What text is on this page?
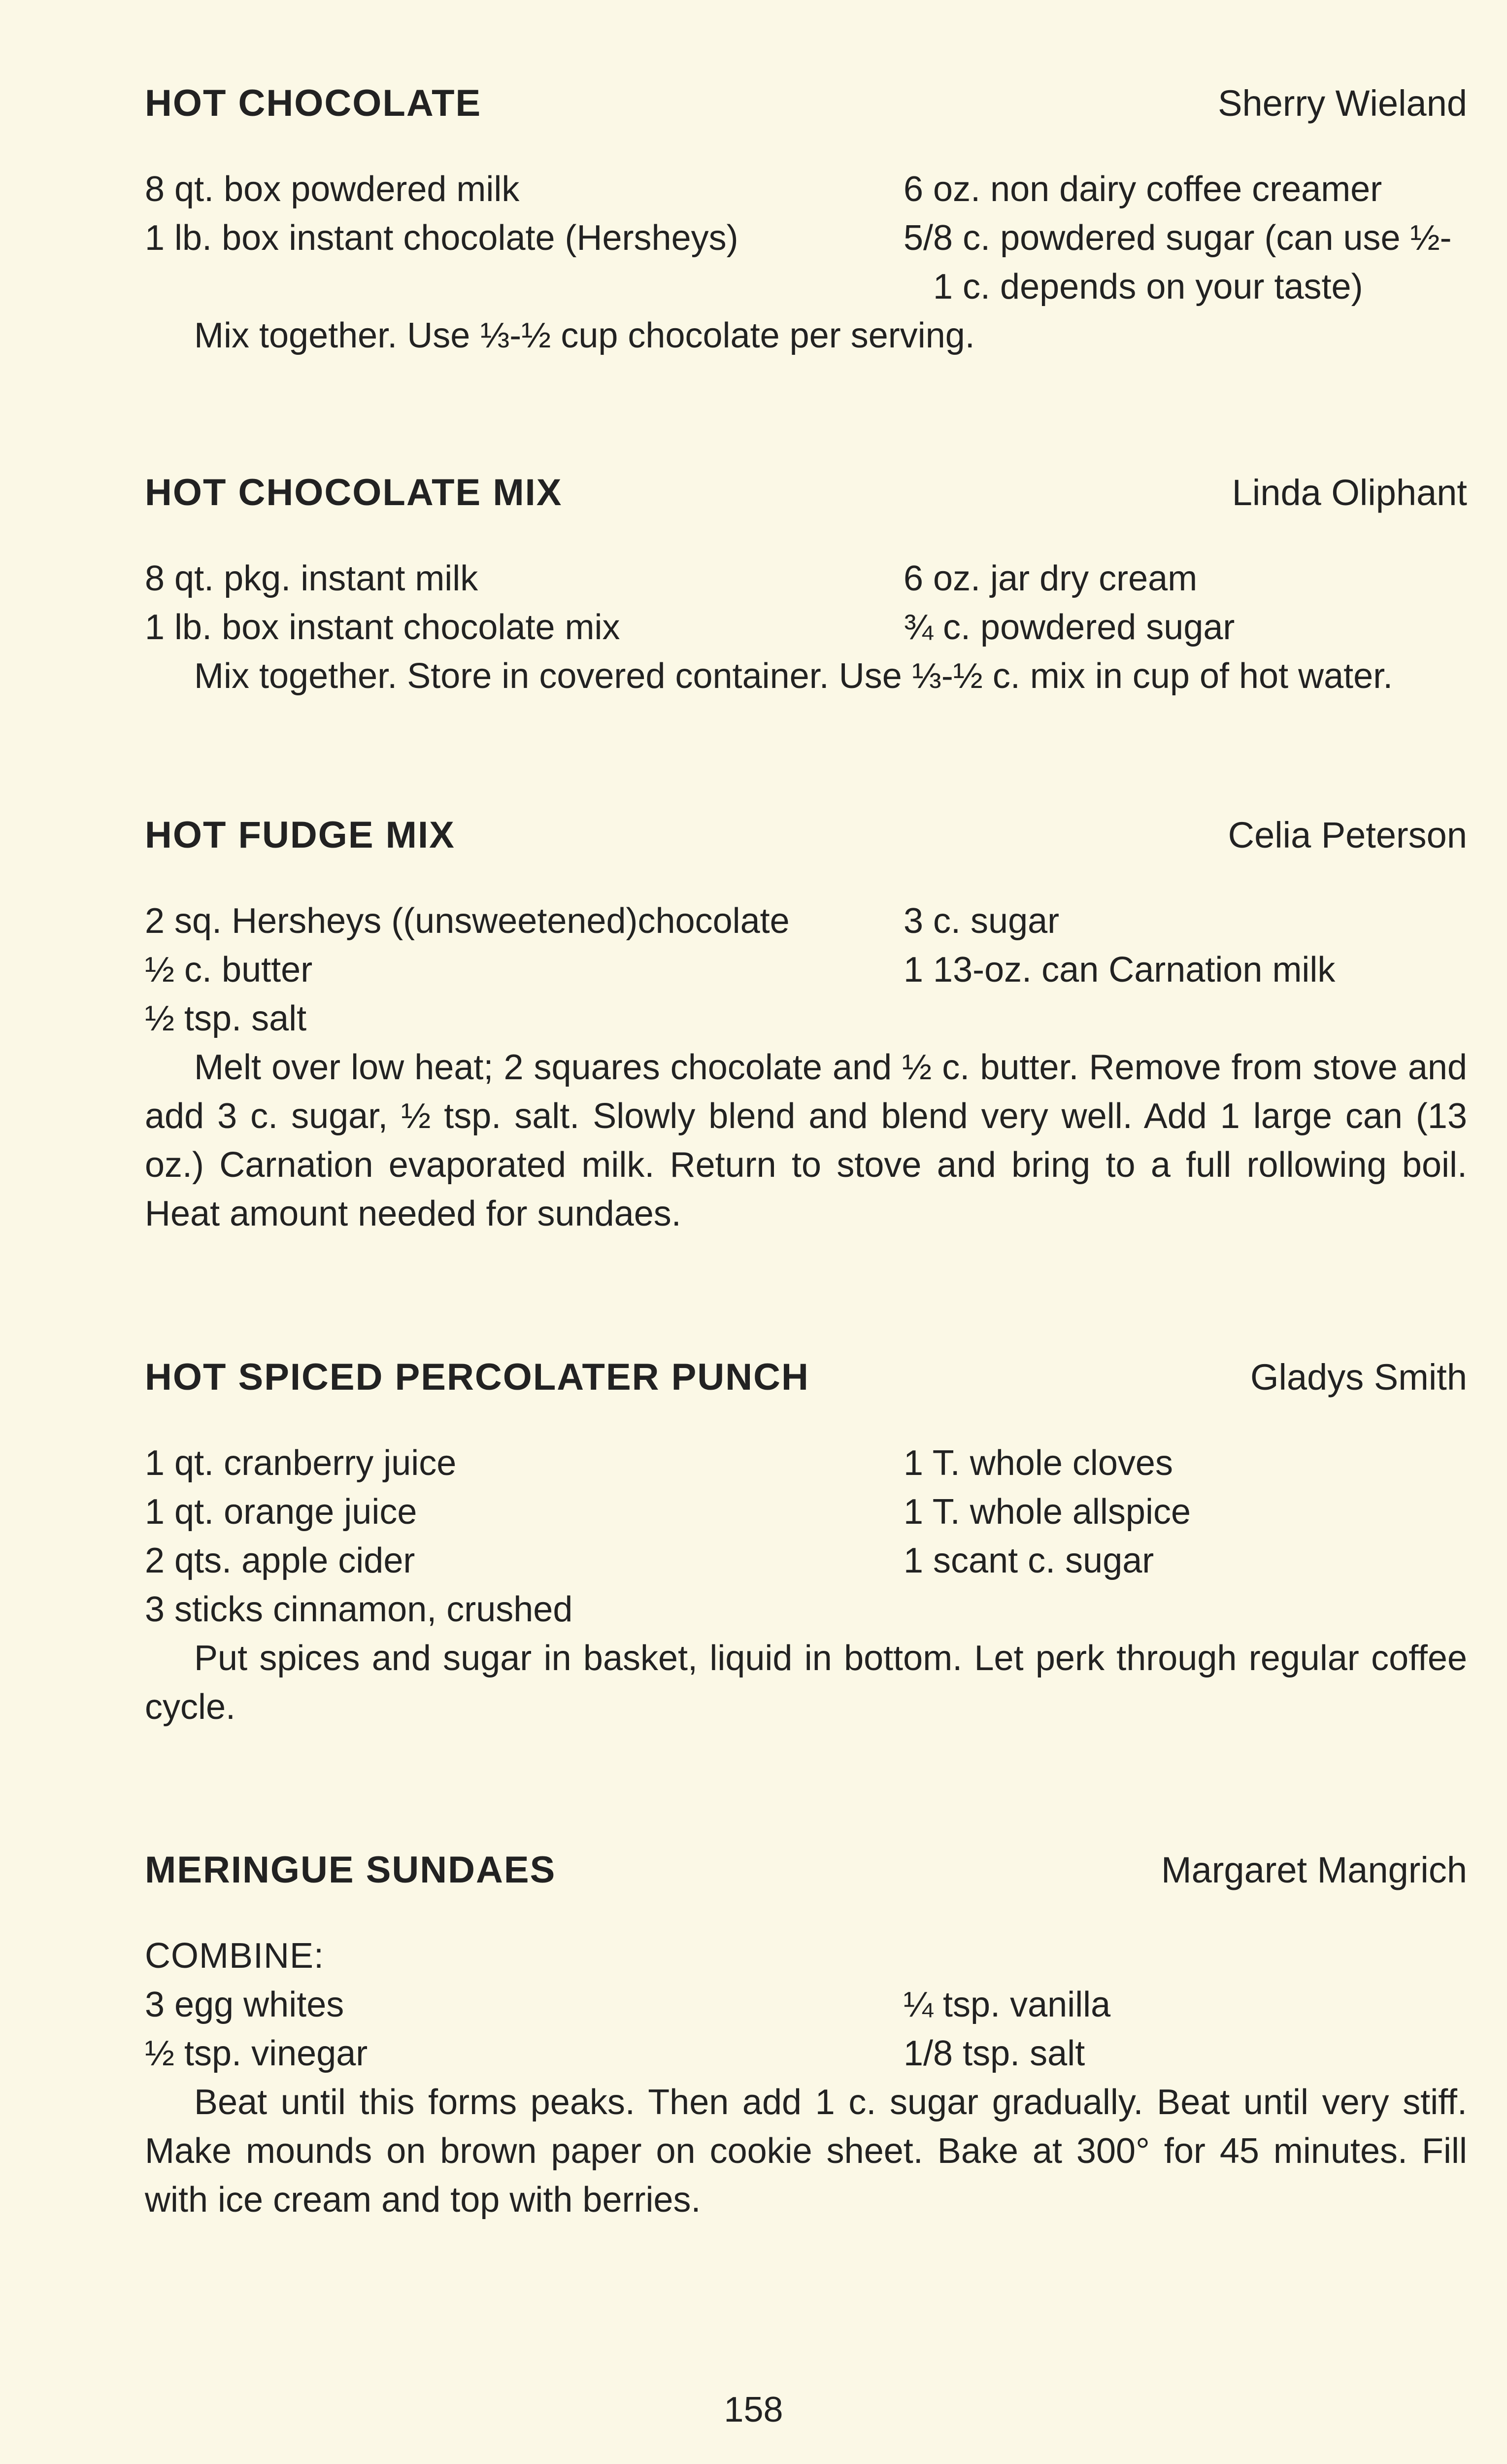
HOT CHOCOLATE	Sherry Wieland
8 qt. box powdered milk	6 oz. non dairy coffee creamer
1 lb. box instant chocolate (Hersheys)	5/8 c. powdered sugar (can use ½-
1 c. depends on your taste)

Mix together. Use ⅓-½ cup chocolate per serving.

HOT CHOCOLATE MIX	Linda Oliphant
8 qt. pkg. instant milk	6 oz. jar dry cream
1 lb. box instant chocolate mix	¾ c. powdered sugar

Mix together. Store in covered container. Use ⅓-½ c. mix in cup of hot water.

HOT FUDGE MIX	Celia Peterson
2 sq. Hersheys ((unsweetened)chocolate	3 c. sugar
½ c. butter	1 13-oz. can Carnation milk
½ tsp. salt

Melt over low heat; 2 squares chocolate and ½ c. butter. Remove from stove and add 3 c. sugar, ½ tsp. salt. Slowly blend and blend very well. Add 1 large can (13 oz.) Carnation evaporated milk. Return to stove and bring to a full rollowing boil. Heat amount needed for sundaes.

HOT SPICED PERCOLATER PUNCH	Gladys Smith
1 qt. cranberry juice	1 T. whole cloves
1 qt. orange juice	1 T. whole allspice
2 qts. apple cider	1 scant c. sugar
3 sticks cinnamon, crushed

Put spices and sugar in basket, liquid in bottom. Let perk through regular coffee cycle.

MERINGUE SUNDAES	Margaret Mangrich
COMBINE:
3 egg whites	¼ tsp. vanilla
½ tsp. vinegar	1/8 tsp. salt

Beat until this forms peaks. Then add 1 c. sugar gradually. Beat until very stiff. Make mounds on brown paper on cookie sheet. Bake at 300° for 45 minutes. Fill with ice cream and top with berries.

158
